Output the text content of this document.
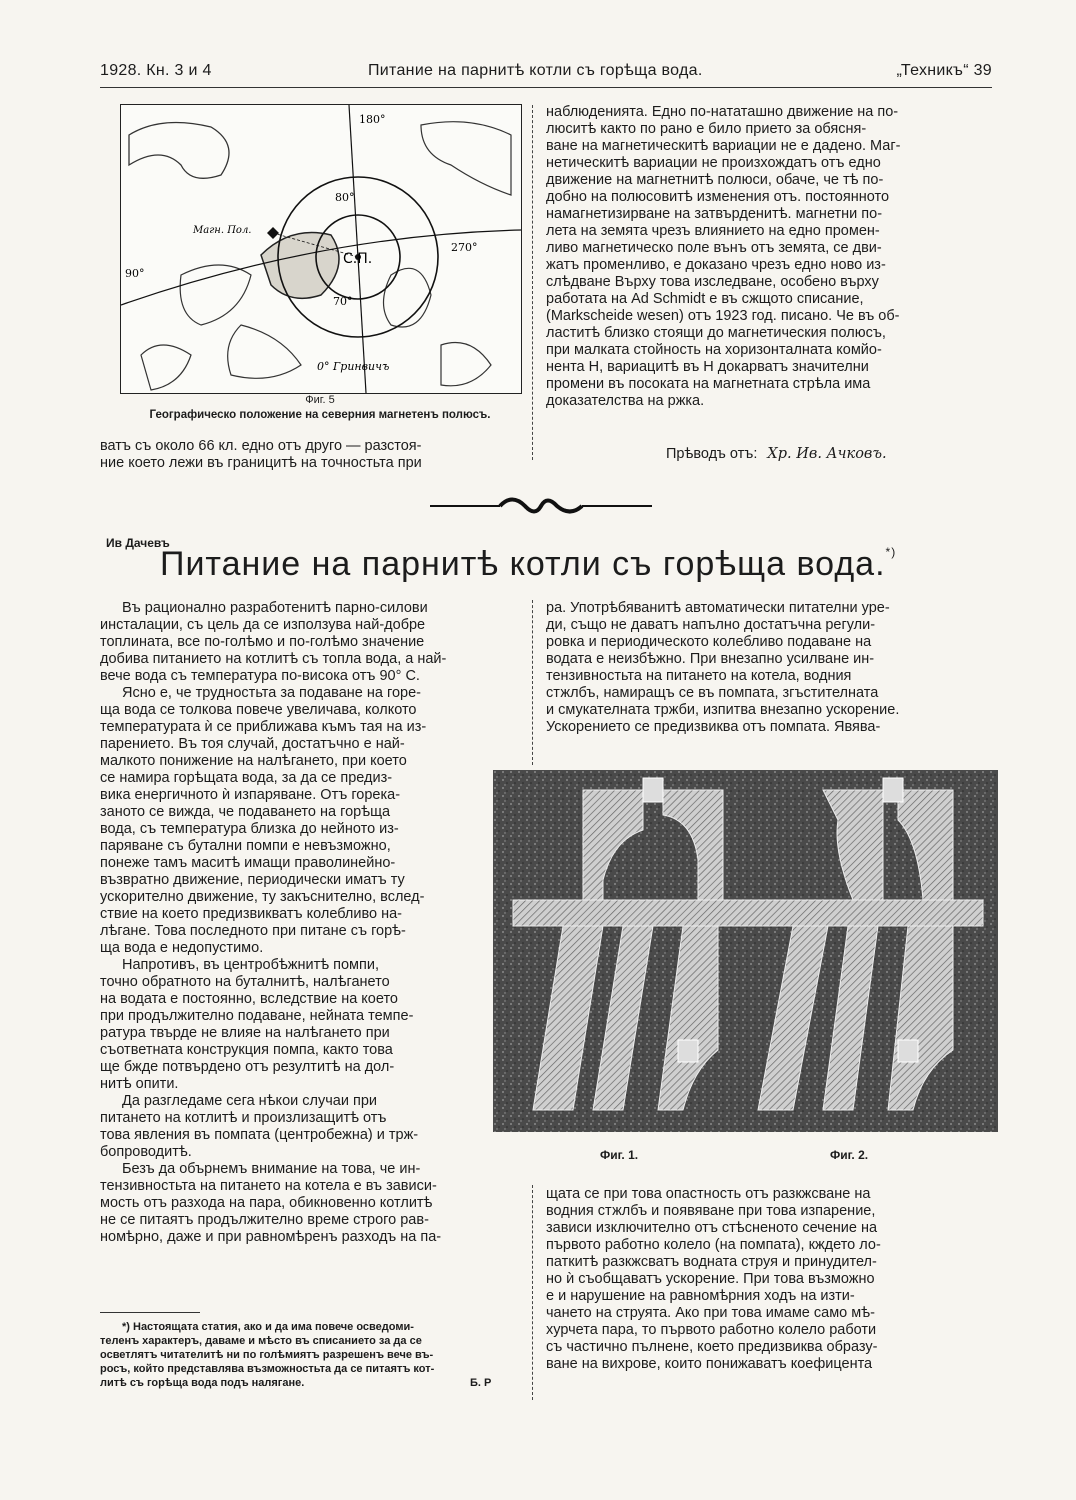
1928. Кн. 3 и 4	Питание на парнитѣ котли съ горѣща вода.	„Техникъ“ 39
180°
С.П.
80°
70°
90°
270°
0° Гринвичъ
Магн. Пол.
Фиг. 5
Географическо положение на северния магнетенъ полюсъ.
ватъ съ около 66 кл. едно отъ друго — разстоя-
ние което лежи въ границитѣ на точностьта при
наблюденията. Едно по-нататашно движение на по-
люситѣ както по рано е било прието за обясня-
ване на магнетическитѣ вариации не е дадено. Маг-
нетическитѣ вариации не произхождатъ отъ едно
движение на магнетнитѣ полюси, обаче, че тѣ по-
добно на полюсовитѣ изменения отъ. постоянното
намагнетизирване на затвърденитѣ. магнетни по-
лета на земята чрезъ влиянието на едно промен-
ливо магнетическо поле вънъ отъ земята, се дви-
жатъ променливо, е доказано чрезъ едно ново из-
слѣдване Върху това изследване, особено върху
работата на Ad Schmidt е въ сжщото списание,
(Markscheide wesen) отъ 1923 год. писано. Че въ об-
ластитѣ близко стоящи до магнетическия полюсъ,
при малката стойность на хоризонталната комйо-
нента Н, вариацитѣ въ Н докарватъ значителни
промени въ посоката на магнетната стрѣла има
доказателства на ржка.
Прѣводъ отъ: Хр. Ив. Ачковъ.
Ив Дачевъ
Питание на парнитѣ котли съ горѣща вода.*)

Въ рационално разработенитѣ парно-силови

инсталации, съ цель да се използува най-добре
топлината, все по-голѣмо и по-голѣмо значение
добива питанието на котлитѣ съ топла вода, а най-
вече вода съ температура по-висока отъ 90° С.

Ясно е, че трудностьта за подаване на горе-

ща вода се толкова повече увеличава, колкото
температурата ѝ се приближава къмъ тая на из-
парението. Въ тоя случай, достатъчно е най-
малкото понижение на налѣгането, при което
се намира горѣщата вода, за да се предиз-
вика енергичното ѝ изпаряване. Отъ горека-
заното се вижда, че подаването на горѣща
вода, съ температура близка до нейното из-
паряване съ бутални помпи е невъзможно,
понеже тамъ маситѣ имащи праволинейно-
възвратно движение, периодически иматъ ту
ускорително движение, ту закъснително, вслед-
ствие на което предизвикватъ колебливо на-
лѣгане. Това последното при питане съ горѣ-
ща вода е недопустимо.

Напротивъ, въ центробѣжнитѣ помпи,

точно обратното на буталнитѣ, налѣгането
на водата е постоянно, вследствие на което
при продължително подаване, нейната темпе-
ратура твърде не влияе на налѣгането при
съответната конструкция помпа, както това
ще бжде потвърдено отъ резултитѣ на дол-
нитѣ опити.

Да разгледаме сега нѣкои случаи при

питането на котлитѣ и произлизащитѣ отъ
това явления въ помпата (центробежна) и трж-
бопроводитѣ.

Безъ да обърнемъ внимание на това, че ин-

тензивностьта на питането на котела е въ зависи-
мость отъ разхода на пара, обикновенно котлитѣ
не се питаятъ продължително време строго рав-
номѣрно, даже и при равномѣренъ разходъ на па-
*) Настоящата статия, ако и да има повече осведоми-
теленъ характеръ, даваме и мѣсто въ списанието за да се
осветлятъ читателитѣ ни по голѣмиятъ разрешенъ вече въ-
росъ, който представлява възможностьта да се питаятъ кот-
литѣ съ горѣща вода подъ налягане.	Б. Р
ра. Употрѣбяванитѣ автоматически питателни уре-
ди, също не даватъ напълно достатъчна регули-
ровка и периодическото колебливо подаване на
водата е неизбѣжно. При внезапно усилване ин-
тензивностьта на питането на котела, водния
стжлбъ, намиращъ се въ помпата, згъстителната
и смукателната тржби, изпитва внезапно ускорение.
Ускорението се предизвиква отъ помпата. Явява-
Фиг. 1.	Фиг. 2.
щата се при това опастность отъ разкжсване на
водния стжлбъ и появяване при това изпарение,
зависи изключително отъ стѣсненото сечение на
първото работно колело (на помпата), кждето ло-
паткитѣ разкжсватъ водната струя и принудител-
но ѝ съобщаватъ ускорение. При това възможно
е и нарушение на равномѣрния ходъ на изти-
чането на струята. Ако при това имаме само мѣ-
хурчета пара, то първото работно колело работи
съ частично пълнене, което предизвиква образу-
ване на вихрове, които понижаватъ коефицента
